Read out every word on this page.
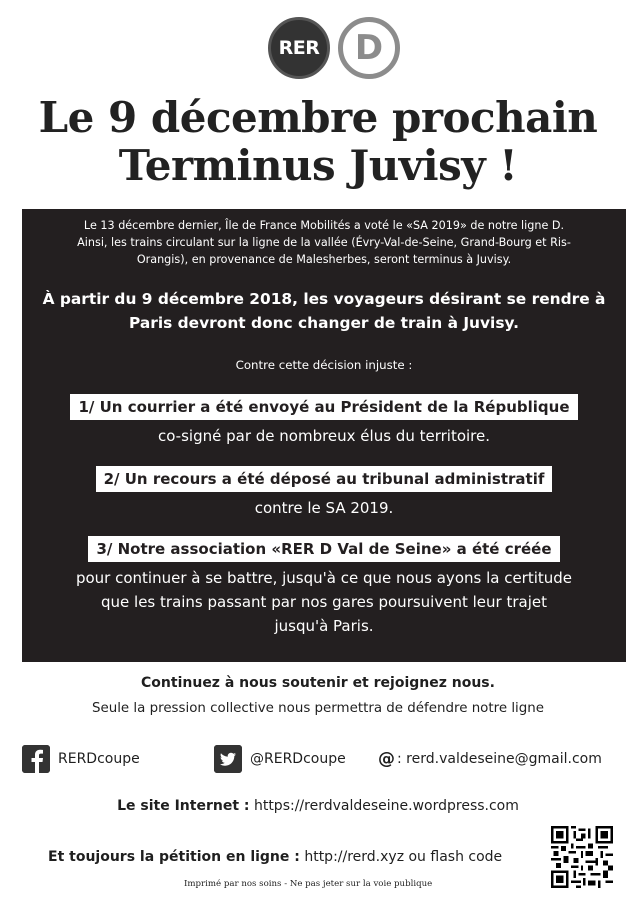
RER	D
Le 9 décembre prochain
Terminus Juvisy !
Le 13 décembre dernier, Île de France Mobilités a voté le «SA 2019» de notre ligne D.
Ainsi, les trains circulant sur la ligne de la vallée (Évry-Val-de-Seine, Grand-Bourg et Ris-
Orangis), en provenance de Malesherbes, seront terminus à Juvisy.
À partir du 9 décembre 2018, les voyageurs désirant se rendre à
Paris devront donc changer de train à Juvisy.
Contre cette décision injuste :
1/ Un courrier a été envoyé au Président de la République
co-signé par de nombreux élus du territoire.
2/ Un recours a été déposé au tribunal administratif
contre le SA 2019.
3/ Notre association «RER D Val de Seine» a été créée
pour continuer à se battre, jusqu'à ce que nous ayons la certitude
que les trains passant par nos gares poursuivent leur trajet
jusqu'à Paris.
Continuez à nous soutenir et rejoignez nous.
Seule la pression collective nous permettra de défendre notre ligne
RERDcoupe	@RERDcoupe @ : rerd.valdeseine@gmail.com
Le site Internet : https://rerdvaldeseine.wordpress.com
Et toujours la pétition en ligne : http://rerd.xyz ou flash code
Imprimé par nos soins - Ne pas jeter sur la voie publique
